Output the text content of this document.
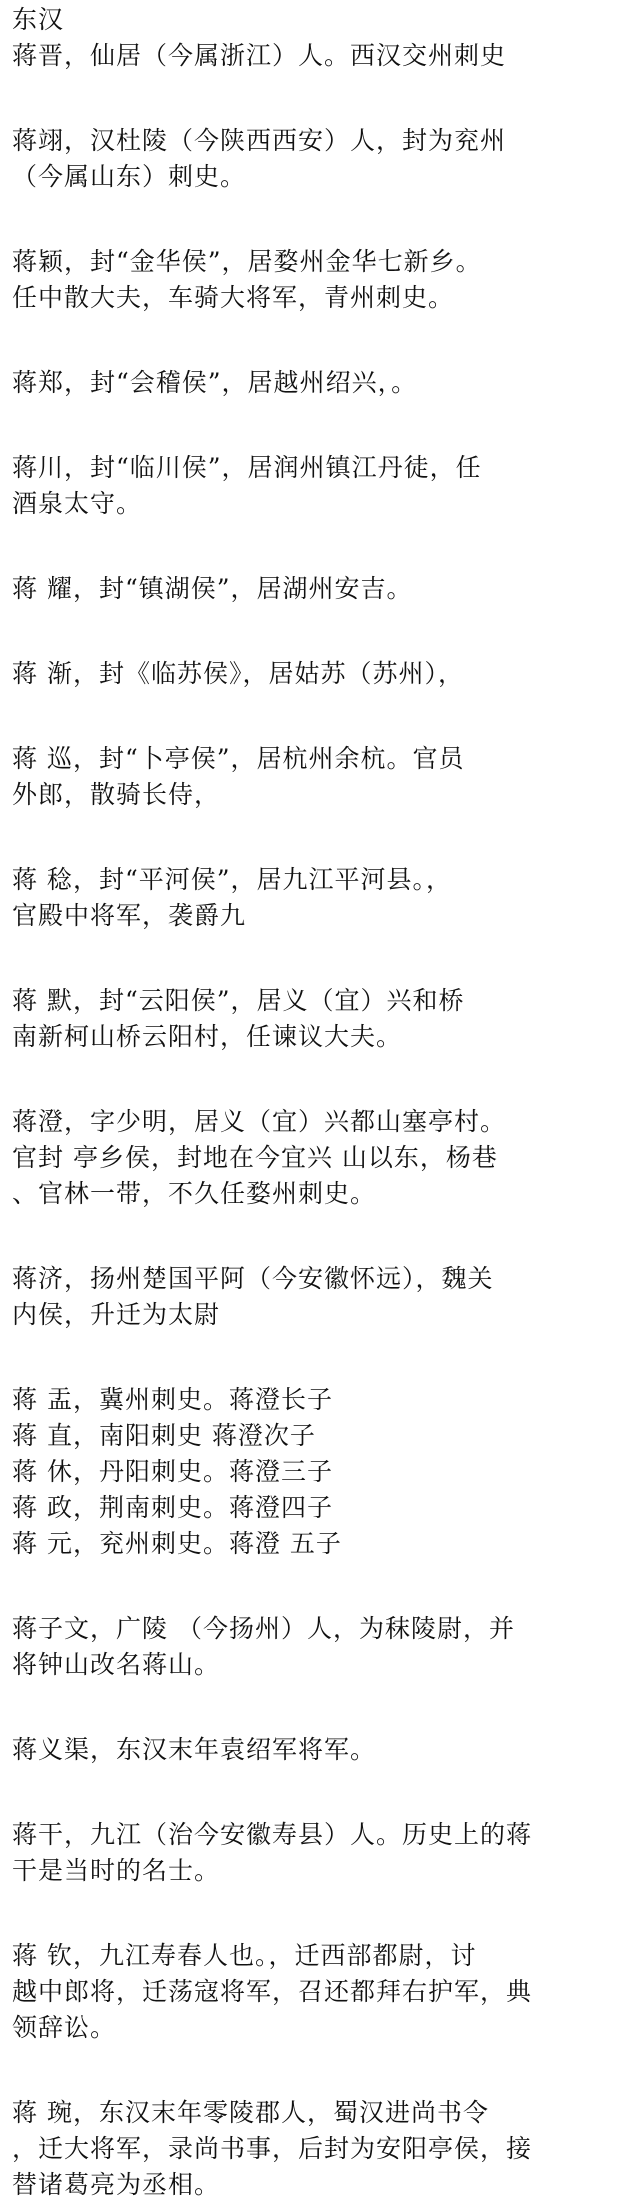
东汉
蒋晋，仙居（今属浙江）人。西汉交州刺史
蒋翊，汉杜陵（今陕西西安）人，封为兖州
（今属山东）刺史。
蒋颖，封“金华侯”，居婺州金华七新乡。
任中散大夫，车骑大将军，青州刺史。
蒋郑，封“会稽侯”，居越州绍兴，。
蒋川，封“临川侯”，居润州镇江丹徒，任
酒泉太守。
蒋 耀，封“镇湖侯”，居湖州安吉。
蒋 渐，封《临苏侯》，居姑苏（苏州），
蒋 巡，封“卜亭侯”，居杭州余杭。官员
外郎，散骑长侍，
蒋 稔，封“平河侯”，居九江平河县。，
官殿中将军，袭爵九
蒋 默，封“云阳侯”，居义（宜）兴和桥
南新柯山桥云阳村，任谏议大夫。
蒋澄，字少明，居义（宜）兴都山塞亭村。
官封 亭乡侯，封地在今宜兴 山以东，杨巷
、官林一带，不久任婺州刺史。
蒋济，扬州楚国平阿（今安徽怀远），魏关
内侯，升迁为太尉
蒋 盂，冀州刺史。蒋澄长子
蒋 直，南阳刺史 蒋澄次子
蒋 休，丹阳刺史。蒋澄三子
蒋 政，荆南刺史。蒋澄四子
蒋 元，兖州刺史。蒋澄 五子
蒋子文，广陵 （今扬州）人，为秣陵尉，并
将钟山改名蒋山。
蒋义渠，东汉末年袁绍军将军。
蒋干，九江（治今安徽寿县）人。历史上的蒋
干是当时的名士。
蒋 钦，九江寿春人也。，迁西部都尉，讨
越中郎将，迁荡寇将军，召还都拜右护军，典
领辞讼。
蒋 琬，东汉末年零陵郡人，蜀汉进尚书令
，迁大将军，录尚书事，后封为安阳亭侯，接
替诸葛亮为丞相。
